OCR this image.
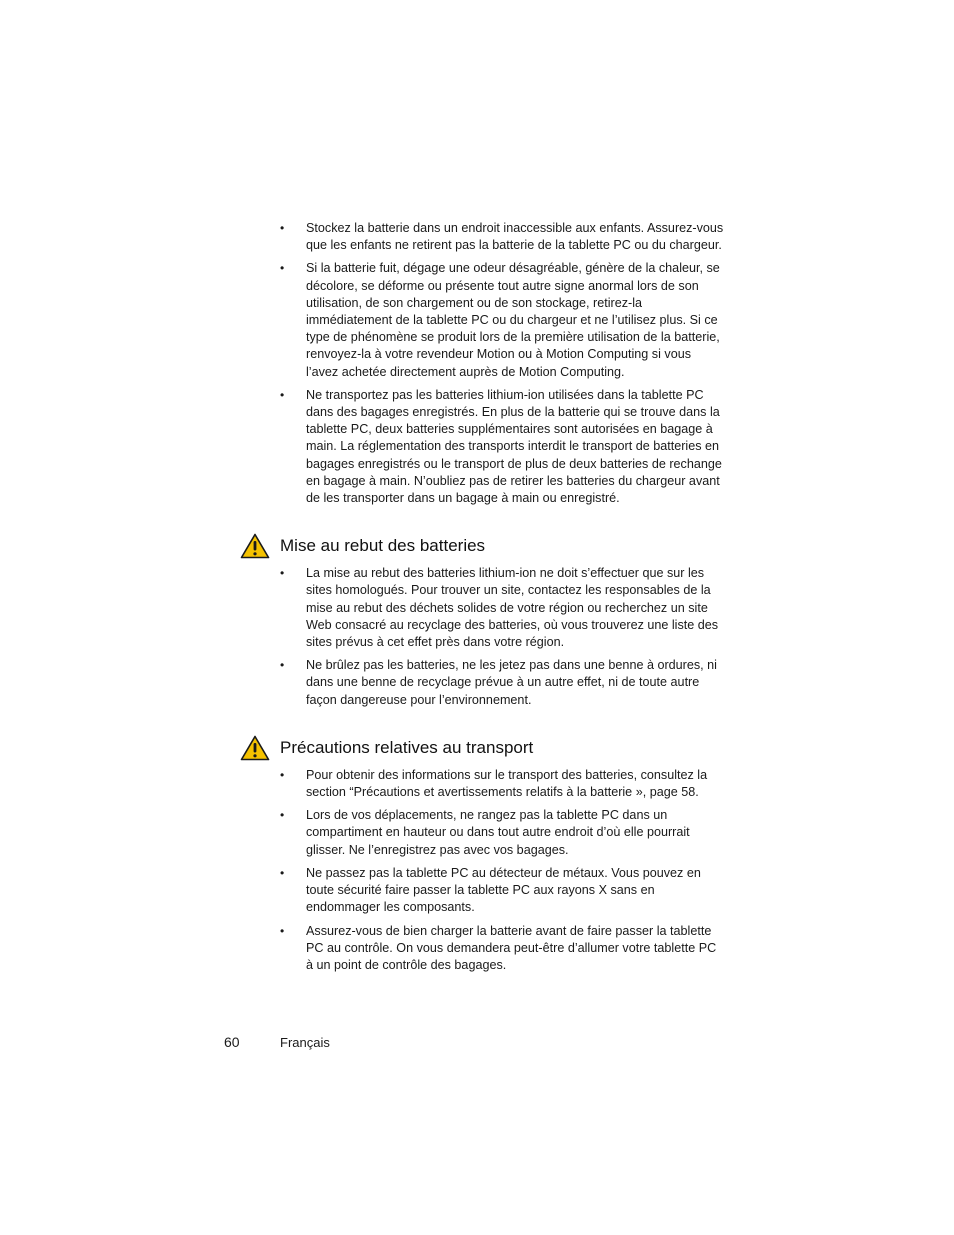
•	Stockez la batterie dans un endroit inaccessible aux enfants. Assurez-vous que les enfants ne retirent pas la batterie de la tablette PC ou du chargeur.
•	Si la batterie fuit, dégage une odeur désagréable, génère de la chaleur, se décolore, se déforme ou présente tout autre signe anormal lors de son utilisation, de son chargement ou de son stockage, retirez-la immédiatement de la tablette PC ou du chargeur et ne l’utilisez plus. Si ce type de phénomène se produit lors de la première utilisation de la batterie, renvoyez-la à votre revendeur Motion ou à Motion Computing si vous l’avez achetée directement auprès de Motion Computing.
•	Ne transportez pas les batteries lithium-ion utilisées dans la tablette PC dans des bagages enregistrés. En plus de la batterie qui se trouve dans la tablette PC, deux batteries supplémentaires sont autorisées en bagage à main. La réglementation des transports interdit le transport de batteries en bagages enregistrés ou le transport de plus de deux batteries de rechange en bagage à main. N’oubliez pas de retirer les batteries du chargeur avant de les transporter dans un bagage à main ou enregistré.
Mise au rebut des batteries
•	La mise au rebut des batteries lithium-ion ne doit s’effectuer que sur les sites homologués. Pour trouver un site, contactez les responsables de la mise au rebut des déchets solides de votre région ou recherchez un site Web consacré au recyclage des batteries, où vous trouverez une liste des sites prévus à cet effet près dans votre région.
•	Ne brûlez pas les batteries, ne les jetez pas dans une benne à ordures, ni dans une benne de recyclage prévue à un autre effet, ni de toute autre façon dangereuse pour l’environnement.
Précautions relatives au transport
•	Pour obtenir des informations sur le transport des batteries, consultez la section “Précautions et avertissements relatifs à la batterie », page 58.
•	Lors de vos déplacements, ne rangez pas la tablette PC dans un compartiment en hauteur ou dans tout autre endroit d’où elle pourrait glisser. Ne l’enregistrez pas avec vos bagages.
•	Ne passez pas la tablette PC au détecteur de métaux. Vous pouvez en toute sécurité faire passer la tablette PC aux rayons X sans en endommager les composants.
•	Assurez-vous de bien charger la batterie avant de faire passer la tablette PC au contrôle. On vous demandera peut-être d’allumer votre tablette PC à un point de contrôle des bagages.
60	Français
